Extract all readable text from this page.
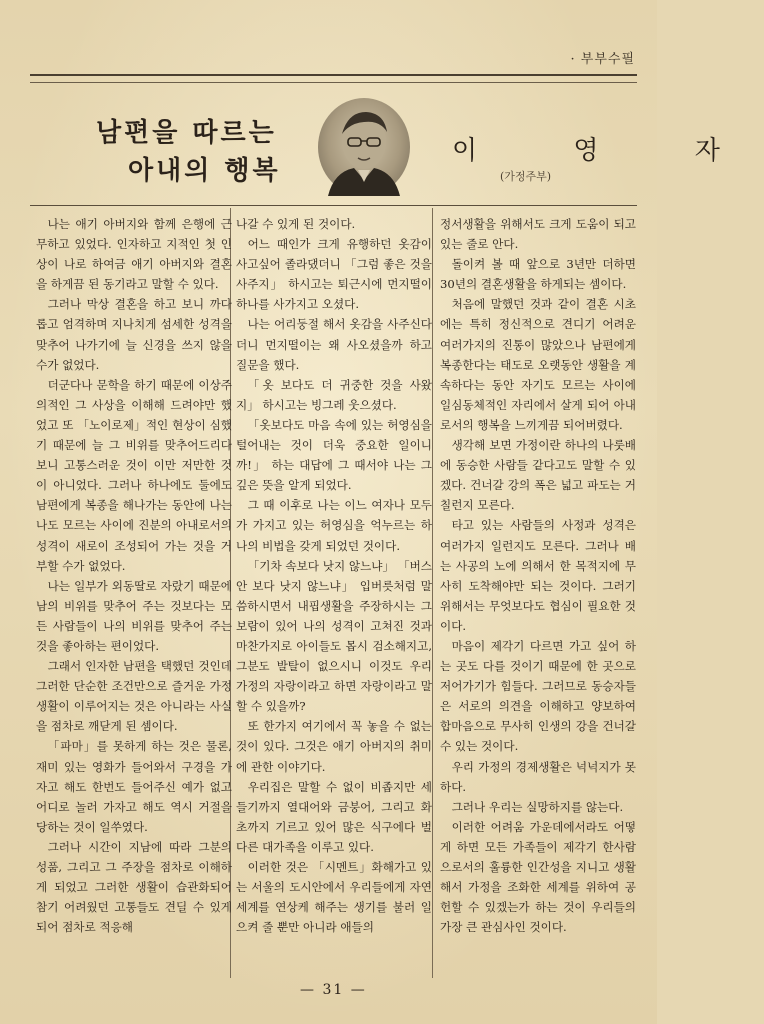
· 부부수필
남편을 따르는
아내의 행복
이 영 자
(가정주부)

나는 애기 아버지와 함께 은행에 근무하고 있었다. 인자하고 지적인 첫 인상이 나로 하여금 애기 아버지와 결혼을 하게끔 된 동기라고 말할 수 있다.

그러나 막상 결혼을 하고 보니 까다롭고 엄격하며 지나치게 섬세한 성격을 맞추어 나가기에 늘 신경을 쓰지 않을 수가 없었다.

더군다나 문학을 하기 때문에 이상주의적인 그 사상을 이해해 드려야만 했었고 또 「노이로제」적인 현상이 심했기 때문에 늘 그 비위를 맞추어드리다 보니 고통스러운 것이 이만 저만한 것이 아니었다. 그러나 하나에도 둘에도 남편에게 복종을 해나가는 동안에 나는 나도 모르는 사이에 진분의 아내로서의 성격이 새로이 조성되어 가는 것을 거부할 수가 없었다.

나는 일부가 외동딸로 자랐기 때문에 남의 비위를 맞추어 주는 것보다는 모든 사람들이 나의 비위를 맞추어 주는 것을 좋아하는 편이었다.

그래서 인자한 남편을 택했던 것인데 그러한 단순한 조건만으로 즐거운 가정생활이 이루어지는 것은 아니라는 사실을 점차로 깨닫게 된 셈이다.

「파마」를 못하게 하는 것은 물론, 재미 있는 영화가 들어와서 구경을 가자고 해도 한번도 들어주신 예가 없고 어디로 놀러 가자고 해도 역시 거절을 당하는 것이 일쑤였다.

그러나 시간이 지남에 따라 그분의 성품, 그리고 그 주장을 점차로 이해하게 되었고 그러한 생활이 습관화되어 참기 어려웠던 고통들도 견딜 수 있게 되어 점차로 적응해

나갈 수 있게 된 것이다.

어느 때인가 크게 유행하던 옷감이 사고싶어 졸라댔더니 「그럼 좋은 것을 사주지」 하시고는 퇴근시에 먼지떨이 하나를 사가지고 오셨다.

나는 어리둥절 해서 옷감을 사주신다더니 먼지떨이는 왜 사오셨을까 하고 질문을 했다.

「옷 보다도 더 귀중한 것을 사왔지」 하시고는 빙그레 웃으셨다.

「옷보다도 마음 속에 있는 허영심을 털어내는 것이 더욱 중요한 일이니까!」 하는 대답에 그 때서야 나는 그 깊은 뜻을 알게 되었다.

그 때 이후로 나는 이느 여자나 모두가 가지고 있는 허영심을 억누르는 하나의 비법을 갖게 되었던 것이다.

「기차 속보다 낫지 않느냐」 「버스 안 보다 낫지 않느냐」 입버릇처럼 말씀하시면서 내핍생활을 주장하시는 그 보람이 있어 나의 성격이 고쳐진 것과 마찬가지로 아이들도 몹시 검소해지고, 그분도 발탈이 없으시니 이것도 우리 가정의 자랑이라고 하면 자랑이라고 말할 수 있을까?

또 한가지 여기에서 꼭 놓을 수 없는 것이 있다. 그것은 애기 아버지의 취미에 관한 이야기다.

우리집은 말할 수 없이 비좁지만 세들기까지 열대어와 금붕어, 그리고 화초까지 기르고 있어 많은 식구에다 벌다른 대가족을 이루고 있다.

이러한 것은 「시멘트」화해가고 있는 서울의 도시안에서 우리들에게 자연세계를 연상케 해주는 생기를 불러 일으켜 줄 뿐만 아니라 애들의

정서생활을 위해서도 크게 도움이 되고 있는 줄로 안다.

돌이켜 볼 때 앞으로 3년만 더하면 30년의 결혼생활을 하게되는 셈이다.

처음에 말했던 것과 같이 결혼 시초에는 특히 정신적으로 견디기 어려운 여러가지의 진통이 많았으나 남편에게 복종한다는 태도로 오랫동안 생활을 계속하다는 동안 자기도 모르는 사이에 일심동체적인 자리에서 살게 되어 아내로서의 행복을 느끼게끔 되어버렸다.

생각해 보면 가정이란 하나의 나룻배에 동승한 사람들 같다고도 말할 수 있겠다. 건너갈 강의 폭은 넓고 파도는 거칠런지 모른다.

타고 있는 사람들의 사정과 성격은 여러가지 일런지도 모른다. 그러나 배는 사공의 노에 의해서 한 목적지에 무사히 도착해야만 되는 것이다. 그러기 위해서는 무엇보다도 협심이 필요한 것이다.

마음이 제각기 다르면 가고 싶어 하는 곳도 다를 것이기 때문에 한 곳으로 저어가기가 힘들다. 그러므로 동승자들은 서로의 의견을 이해하고 양보하여 합마음으로 무사히 인생의 강을 건너갈 수 있는 것이다.

우리 가정의 경제생활은 넉넉지가 못하다.

그러나 우리는 실망하지를 않는다.

이러한 어려움 가운데에서라도 어떻게 하면 모든 가족들이 제각기 한사람으로서의 훌륭한 인간성을 지니고 생활해서 가정을 조화한 세계를 위하여 공헌할 수 있겠는가 하는 것이 우리들의 가장 큰 관심사인 것이다.

— 31 —
